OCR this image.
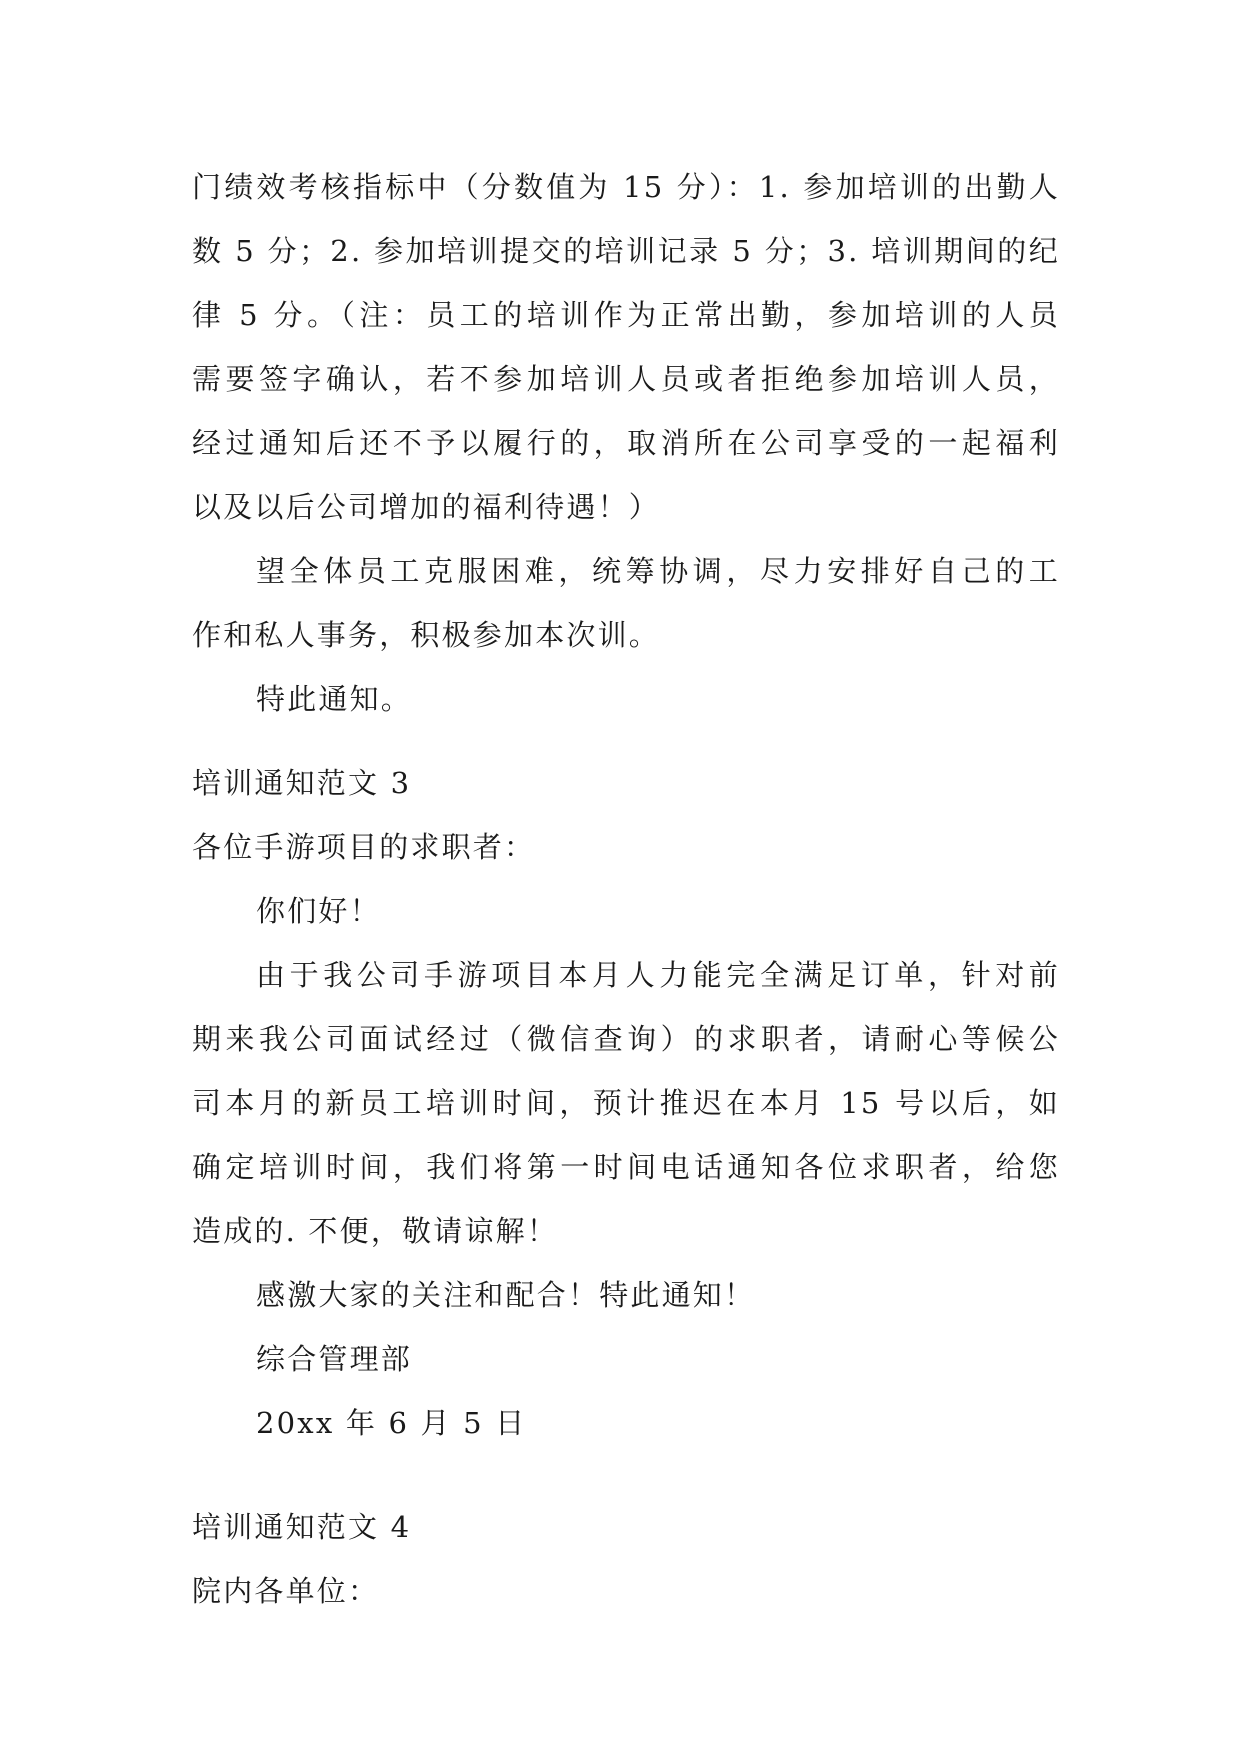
门绩效考核指标中（分数值为 15 分）：1. 参加培训的出勤人
数 5 分；2. 参加培训提交的培训记录 5 分；3. 培训期间的纪
律 5 分。（注：员工的培训作为正常出勤，参加培训的人员
需要签字确认，若不参加培训人员或者拒绝参加培训人员，
经过通知后还不予以履行的，取消所在公司享受的一起福利
以及以后公司增加的福利待遇！）
望全体员工克服困难，统筹协调，尽力安排好自己的工
作和私人事务，积极参加本次训。
特此通知。
培训通知范文 3
各位手游项目的求职者：
你们好！
由于我公司手游项目本月人力能完全满足订单，针对前
期来我公司面试经过（微信查询）的求职者，请耐心等候公
司本月的新员工培训时间，预计推迟在本月 15 号以后，如
确定培训时间，我们将第一时间电话通知各位求职者，给您
造成的. 不便，敬请谅解！
感激大家的关注和配合！特此通知！
综合管理部
20xx 年 6 月 5 日
培训通知范文 4
院内各单位：
